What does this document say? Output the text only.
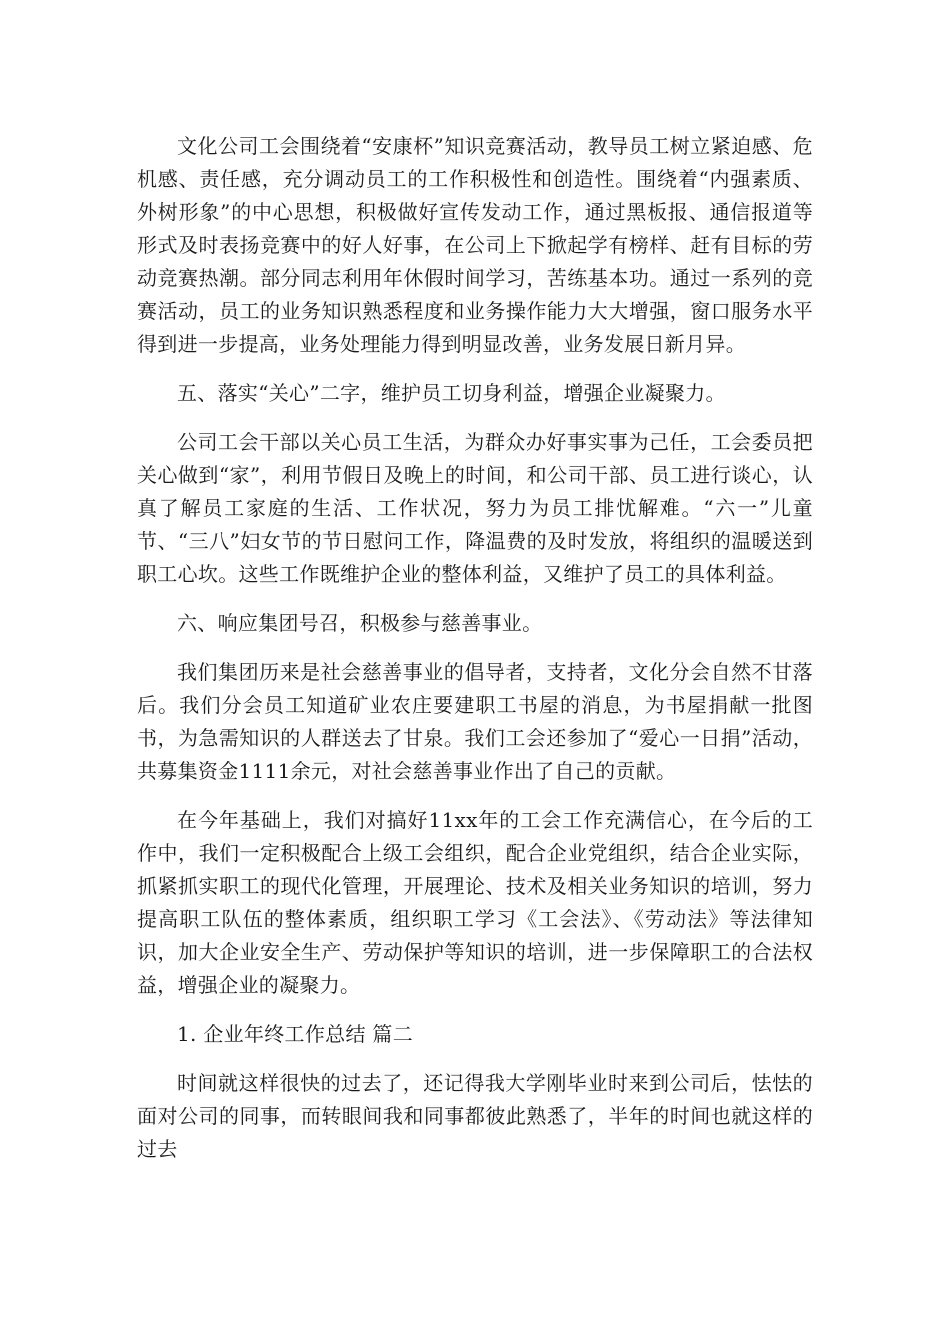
文化公司工会围绕着“安康杯”知识竞赛活动，教导员工树立紧迫感、危机感、责任感，充分调动员工的工作积极性和创造性。围绕着“内强素质、外树形象”的中心思想，积极做好宣传发动工作，通过黑板报、通信报道等形式及时表扬竞赛中的好人好事，在公司上下掀起学有榜样、赶有目标的劳动竞赛热潮。部分同志利用年休假时间学习，苦练基本功。通过一系列的竞赛活动，员工的业务知识熟悉程度和业务操作能力大大增强，窗口服务水平得到进一步提高，业务处理能力得到明显改善，业务发展日新月异。

五、落实“关心”二字，维护员工切身利益，增强企业凝聚力。

公司工会干部以关心员工生活，为群众办好事实事为己任，工会委员把关心做到“家”，利用节假日及晚上的时间，和公司干部、员工进行谈心，认真了解员工家庭的生活、工作状况，努力为员工排忧解难。“六一”儿童节、“三八”妇女节的节日慰问工作，降温费的及时发放，将组织的温暖送到职工心坎。这些工作既维护企业的整体利益，又维护了员工的具体利益。

六、响应集团号召，积极参与慈善事业。

我们集团历来是社会慈善事业的倡导者，支持者，文化分会自然不甘落后。我们分会员工知道矿业农庄要建职工书屋的消息，为书屋捐献一批图书，为急需知识的人群送去了甘泉。我们工会还参加了“爱心一日捐”活动，共募集资金1111余元，对社会慈善事业作出了自己的贡献。

在今年基础上，我们对搞好11xx年的工会工作充满信心，在今后的工作中，我们一定积极配合上级工会组织，配合企业党组织，结合企业实际，抓紧抓实职工的现代化管理，开展理论、技术及相关业务知识的培训，努力提高职工队伍的整体素质，组织职工学习《工会法》、《劳动法》等法律知识，加大企业安全生产、劳动保护等知识的培训，进一步保障职工的合法权益，增强企业的凝聚力。

1. 企业年终工作总结 篇二

时间就这样很快的过去了，还记得我大学刚毕业时来到公司后，怯怯的面对公司的同事，而转眼间我和同事都彼此熟悉了，半年的时间也就这样的过去
